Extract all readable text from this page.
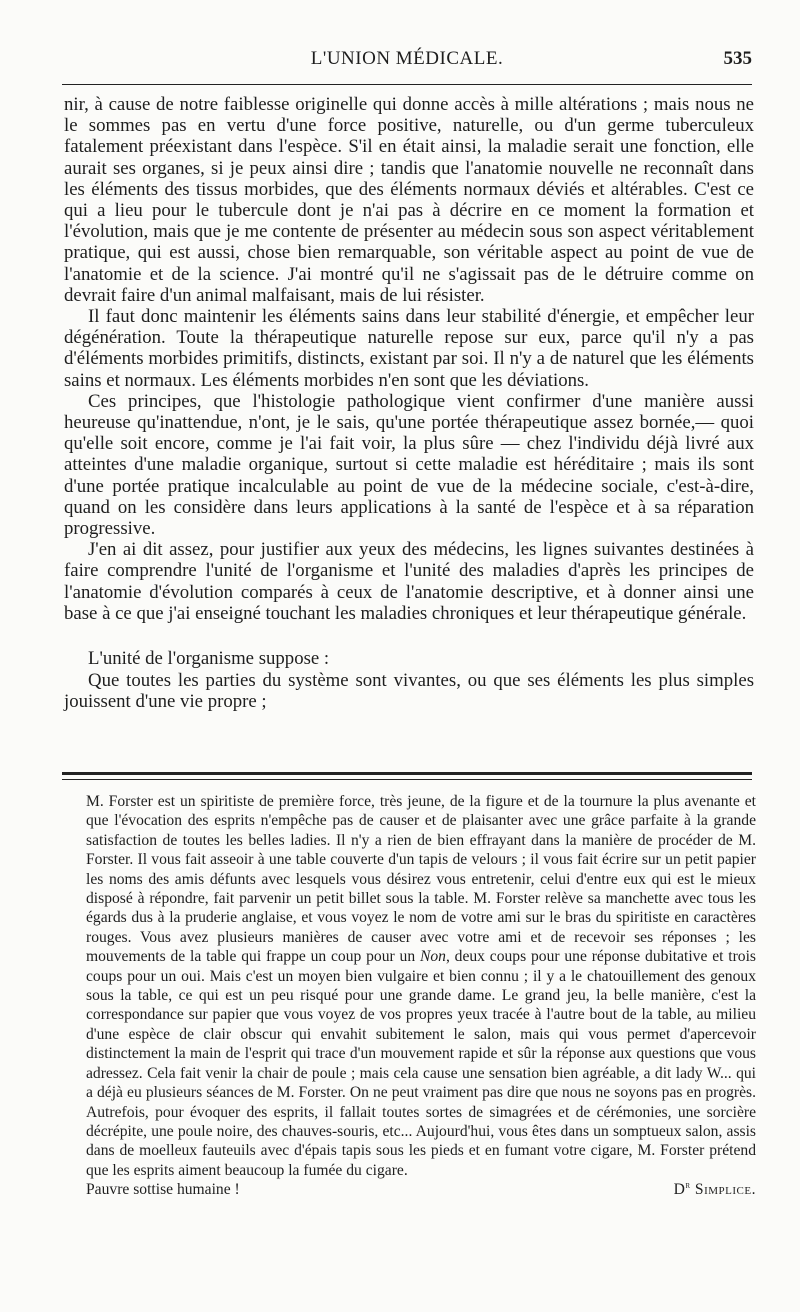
L'UNION MÉDICALE.	535

nir, à cause de notre faiblesse originelle qui donne accès à mille altérations ; mais nous ne le sommes pas en vertu d'une force positive, naturelle, ou d'un germe tuberculeux fatalement préexistant dans l'espèce. S'il en était ainsi, la maladie serait une fonction, elle aurait ses organes, si je peux ainsi dire ; tandis que l'anatomie nouvelle ne reconnaît dans les éléments des tissus morbides, que des éléments normaux déviés et altérables. C'est ce qui a lieu pour le tubercule dont je n'ai pas à décrire en ce moment la formation et l'évolution, mais que je me contente de présenter au médecin sous son aspect véritablement pratique, qui est aussi, chose bien remarquable, son véritable aspect au point de vue de l'anatomie et de la science. J'ai montré qu'il ne s'agissait pas de le détruire comme on devrait faire d'un animal malfaisant, mais de lui résister.

Il faut donc maintenir les éléments sains dans leur stabilité d'énergie, et empêcher leur dégénération. Toute la thérapeutique naturelle repose sur eux, parce qu'il n'y a pas d'éléments morbides primitifs, distincts, existant par soi. Il n'y a de naturel que les éléments sains et normaux. Les éléments morbides n'en sont que les déviations.

Ces principes, que l'histologie pathologique vient confirmer d'une manière aussi heureuse qu'inattendue, n'ont, je le sais, qu'une portée thérapeutique assez bornée,— quoi qu'elle soit encore, comme je l'ai fait voir, la plus sûre — chez l'individu déjà livré aux atteintes d'une maladie organique, surtout si cette maladie est héréditaire ; mais ils sont d'une portée pratique incalculable au point de vue de la médecine sociale, c'est-à-dire, quand on les considère dans leurs applications à la santé de l'espèce et à sa réparation progressive.

J'en ai dit assez, pour justifier aux yeux des médecins, les lignes suivantes destinées à faire comprendre l'unité de l'organisme et l'unité des maladies d'après les principes de l'anatomie d'évolution comparés à ceux de l'anatomie descriptive, et à donner ainsi une base à ce que j'ai enseigné touchant les maladies chroniques et leur thérapeutique générale.

L'unité de l'organisme suppose :

Que toutes les parties du système sont vivantes, ou que ses éléments les plus simples jouissent d'une vie propre ;

M. Forster est un spiritiste de première force, très jeune, de la figure et de la tournure la plus avenante et que l'évocation des esprits n'empêche pas de causer et de plaisanter avec une grâce parfaite à la grande satisfaction de toutes les belles ladies. Il n'y a rien de bien effrayant dans la manière de procéder de M. Forster. Il vous fait asseoir à une table couverte d'un tapis de velours ; il vous fait écrire sur un petit papier les noms des amis défunts avec lesquels vous désirez vous entretenir, celui d'entre eux qui est le mieux disposé à répondre, fait parvenir un petit billet sous la table. M. Forster relève sa manchette avec tous les égards dus à la pruderie anglaise, et vous voyez le nom de votre ami sur le bras du spiritiste en caractères rouges. Vous avez plusieurs manières de causer avec votre ami et de recevoir ses réponses ; les mouvements de la table qui frappe un coup pour un Non, deux coups pour une réponse dubitative et trois coups pour un oui. Mais c'est un moyen bien vulgaire et bien connu ; il y a le chatouillement des genoux sous la table, ce qui est un peu risqué pour une grande dame. Le grand jeu, la belle manière, c'est la correspondance sur papier que vous voyez de vos propres yeux tracée à l'autre bout de la table, au milieu d'une espèce de clair obscur qui envahit subitement le salon, mais qui vous permet d'apercevoir distinctement la main de l'esprit qui trace d'un mouvement rapide et sûr la réponse aux questions que vous adressez. Cela fait venir la chair de poule ; mais cela cause une sensation bien agréable, a dit lady W... qui a déjà eu plusieurs séances de M. Forster. On ne peut vraiment pas dire que nous ne soyons pas en progrès. Autrefois, pour évoquer des esprits, il fallait toutes sortes de simagrées et de cérémonies, une sorcière décrépite, une poule noire, des chauves-souris, etc... Aujourd'hui, vous êtes dans un somptueux salon, assis dans de moelleux fauteuils avec d'épais tapis sous les pieds et en fumant votre cigare, M. Forster prétend que les esprits aiment beaucoup la fumée du cigare.

Pauvre sottise humaine !	$D^r$ Simplice.
